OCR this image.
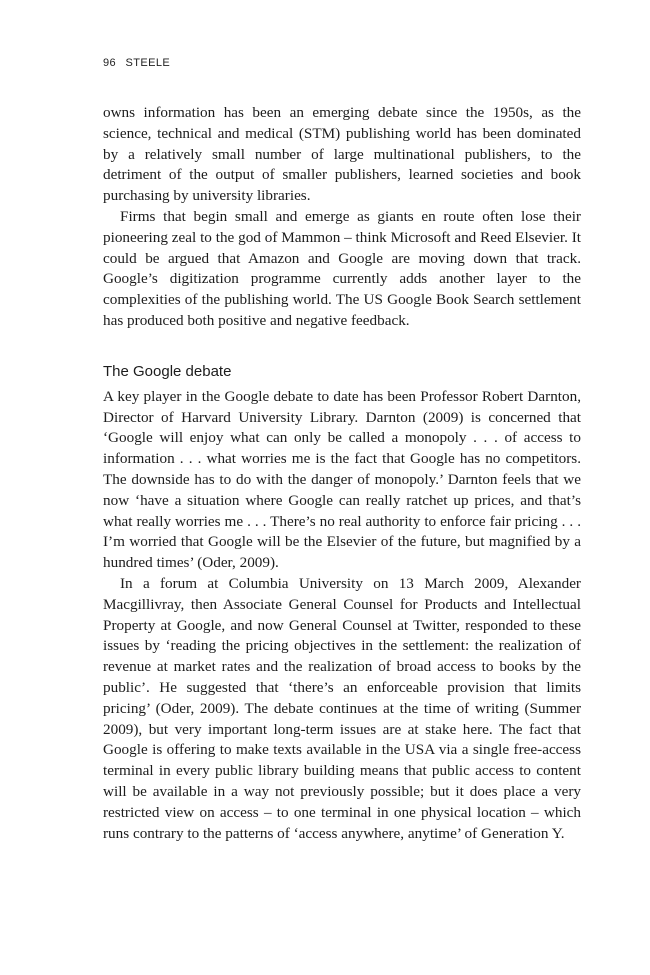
96 STEELE

owns information has been an emerging debate since the 1950s, as the science, technical and medical (STM) publishing world has been dominated by a relatively small number of large multinational publishers, to the detriment of the output of smaller publishers, learned societies and book purchasing by university libraries.

Firms that begin small and emerge as giants en route often lose their pioneering zeal to the god of Mammon – think Microsoft and Reed Elsevier. It could be argued that Amazon and Google are moving down that track. Google’s digitization programme currently adds another layer to the complexities of the publishing world. The US Google Book Search settlement has produced both positive and negative feedback.

The Google debate

A key player in the Google debate to date has been Professor Robert Darnton, Director of Harvard University Library. Darnton (2009) is concerned that ‘Google will enjoy what can only be called a monopoly . . . of access to information . . . what worries me is the fact that Google has no competitors. The downside has to do with the danger of monopoly.’ Darnton feels that we now ‘have a situation where Google can really ratchet up prices, and that’s what really worries me . . . There’s no real authority to enforce fair pricing . . . I’m worried that Google will be the Elsevier of the future, but magnified by a hundred times’ (Oder, 2009).

In a forum at Columbia University on 13 March 2009, Alexander Macgillivray, then Associate General Counsel for Products and Intellectual Property at Google, and now General Counsel at Twitter, responded to these issues by ‘reading the pricing objectives in the settlement: the realization of revenue at market rates and the realization of broad access to books by the public’. He suggested that ‘there’s an enforceable provision that limits pricing’ (Oder, 2009). The debate continues at the time of writing (Summer 2009), but very important long-term issues are at stake here. The fact that Google is offering to make texts available in the USA via a single free-access terminal in every public library building means that public access to content will be available in a way not previously possible; but it does place a very restricted view on access – to one terminal in one physical location – which runs contrary to the patterns of ‘access anywhere, anytime’ of Generation Y.
